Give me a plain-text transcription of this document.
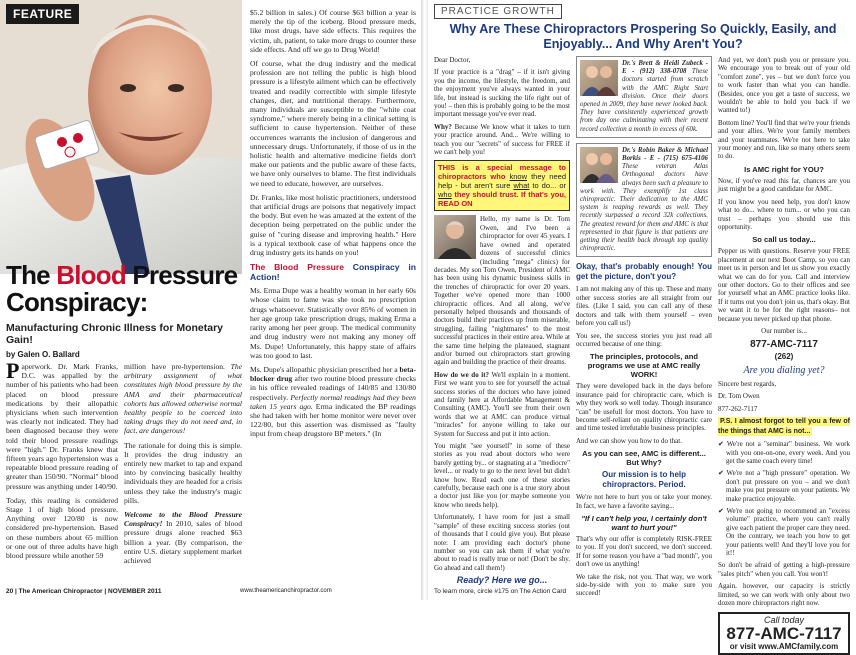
FEATURE
The Blood Pressure Conspiracy:
Manufacturing Chronic Illness for Monetary Gain!
by Galen O. Ballard

Paperwork. Dr. Mark Franks, D.C. was appalled by the number of his patients who had been placed on blood pressure medications by their allopathic physicians when such intervention was clearly not indicated. They had been diagnosed because they were told their blood pressure readings were "high." Dr. Franks knew that fifteen years ago hypertension was a repeatable blood pressure reading of greater than 150/90. "Normal" blood pressure was anything under 140/90.

Today, this reading is considered Stage 1 of high blood pressure. Anything over 120/80 is now considered pre-hypertension. Based on these numbers about 65 million or one out of three adults have high blood pressure while another 59

million have pre-hypertension. The arbitrary assignment of what constitutes high blood pressure by the AMA and their pharmaceutical cohorts has allowed otherwise normal healthy people to be coerced into taking drugs they do not need and, in fact, are dangerous!

The rationale for doing this is simple. It provides the drug industry an entirely new market to tap and expand into by convincing basically healthy individuals they are headed for a crisis unless they take the industry's magic pills.

Welcome to the Blood Pressure Conspiracy! In 2010, sales of blood pressure drugs alone reached $63 billion a year. (By comparison, the entire U.S. dietary supplement market achieved

$5.2 billion in sales.) Of course $63 billion a year is merely the tip of the iceberg. Blood pressure meds, like most drugs, have side effects. This requires the victim, uh, patient, to take more drugs to counter these side effects. And off we go to Drug World!

Of course, what the drug industry and the medical profession are not telling the public is high blood pressure is a lifestyle ailment which can be effectively treated and readily correctible with simple lifestyle changes, diet, and nutritional therapy. Furthermore, many individuals are susceptible to the "white coat syndrome," where merely being in a clinical setting is sufficient to cause hypertension. Neither of these occurrences warrants the inclusion of dangerous and unnecessary drugs. Unfortunately, if those of us in the holistic health and alternative medicine fields don't make our patients and the public aware of these facts, we have only ourselves to blame. The first individuals we need to educate, however, are ourselves.

Dr. Franks, like most holistic practitioners, understood that artificial drugs are poisons that negatively impact the body. But even he was amazed at the extent of the deception being perpetrated on the public under the guise of "curing disease and improving health." Here is a typical textbook case of what happens once the drug industry gets its hands on you!

The Blood Pressure Conspiracy in Action!

Ms. Erma Dupe was a healthy woman in her early 60s whose claim to fame was she took no prescription drugs whatsoever. Statistically over 85% of women in her age group take prescription drugs, making Erma a rarity among her peer group. The medical community and drug industry were not making any money off Ms. Dupe! Unfortunately, this happy state of affairs was too good to last.

Ms. Dupe's allopathic physician prescribed her a beta-blocker drug after two routine blood pressure checks in his office revealed readings of 140/85 and 130/80 respectively. Perfectly normal readings had they been taken 15 years ago. Erma indicated the BP readings she had taken with her home monitor were never over 122/80, but this assertion was dismissed as "faulty input from cheap drugstore BP meters." (In

20 | The American Chiropractor | NOVEMBER 2011	www.theamericanchiropractor.com
PRACTICE GROWTH
Why Are These Chiropractors Prospering So Quickly, Easily, and Enjoyably... And Why Aren't You?

Dear Doctor,

If your practice is a "drag" – if it isn't giving you the income, the lifestyle, the freedom, and the enjoyment you've always wanted in your life, but instead is sucking the life right out of you! – then this is probably going to be the most important message you've ever read.

Why? Because We know what it takes to turn your practice around. And... We're willing to teach you our "secrets" of success for FREE if we can't help you!

THIS is a special message to chiropractors who know they need help - but aren't sure what to do... or who they should trust. If that's you, READ ON

Hello, my name is Dr. Tom Owen, and I've been a chiropractor for over 45 years. I have owned and operated dozens of successful clinics (including "mega" clinics) for decades. My son Tom Owen, President of AMC has been using his dynamic business skills in the trenches of chiropractic for over 20 years. Together we've opened more than 1000 chiropractic offices. And all along, we've personally helped thousands and thousands of doctors build their practices up from miserable, struggling, failing "nightmares" to the most successful practices in their entire area. While at the same time helping the plateaued, stagnant and/or burned out chiropractors start growing again and building the practice of their dreams.

How do we do it? We'll explain in a moment. First we want you to see for yourself the actual success stories of the doctors who have joined and family here at Affordable Management & Consulting (AMC). You'll see from their own words that we at AMC can produce virtual "miracles" for anyone willing to take our System for Success and put it into action.

You might "see yourself" in some of these stories as you read about doctors who were barely getting by... or stagnating at a "mediocre" level... or ready to go to the next level but didn't know how. Read each one of these stories carefully, because each one is a true story about a doctor just like you (or maybe someone you know who needs help).

Unfortunately, I have room for just a small "sample" of these exciting success stories (out of thousands that I could give you). But please note: I am providing each doctor's phone number so you can ask them if what you're about to read is really true or not! (Don't be shy. Go ahead and call them!)

Ready? Here we go...
Dr.'s Brett & Heidi Zubeck - E - (912) 338-0708 These doctors started from scratch with the AMC Right Start division. Once their doors opened in 2009, they have never looked back. They have consistently experienced growth from day one culminating with their recent record collection a month in excess of 60k.
Dr.'s Robin Baker & Michael Borkis - E - (715) 675-4106 These veteran Atlas Orthogonal doctors have always been such a pleasure to work with. They exemplify 1st class chiropractic. Their dedication to the AMC system is reaping rewards as well. They recently surpassed a record 32k collections. The greatest reward for them and AMC is that represented in that figure is that patients are getting their health back through top quality chiropractic.
Okay, that's probably enough! You get the picture, don't you?

I am not making any of this up. These and many other success stories are all straight from our files. (Like I said, you can call any of these doctors and talk with them yourself – even before you call us!)

You see, the success stories you just read all occurred because of one thing:

The principles, protocols, and programs we use at AMC really WORK!

They were developed back in the days before insurance paid for chiropractic care, which is why they work so well today. Though insurance "can" be usefull for most doctors. You have to become self-reliant on quality chiropractic care and time tested irrefutable business principles.

And we can show you how to do that.

As you can see, AMC is different... But Why?
Our mission is to help chiropractors. Period.

We're not here to hurt you or take your money. In fact, we have a favorite saying...

"If I can't help you, I certainly don't want to hurt you!"

That's why our offer is completely RISK-FREE to you. If you don't succeed, we don't succeed. If for some reason you have a "bad month", you don't owe us anything!

We take the risk, not you. That way, we work side-by-side with you to make sure you succeed!

And yet, we don't push you or pressure you. We encourage you to break out of your old "comfort zone", yes – but we don't force you to work faster than what you can handle. (Besides, once you get a taste of success, we wouldn't be able to hold you back if we wanted to!)

Bottom line? You'll find that we're your friends and your allies. We're your family members and your teammates. We're not here to take your money and run, like so many others seem to do.

Is AMC right for YOU?

Now, if you've read this far, chances are you just might be a good candidate for AMC.

If you know you need help, you don't know what to do... where to turn... or who you can trust – perhaps you should use this opportunity.

So call us today...

Pepper us with questions. Reserve your FREE placement at our next Boot Camp, so you can meet us in person and let us show you exactly what we can do for you. Call and interview our other doctors. Go to their offices and see for yourself what an AMC practice looks like. If it turns out you don't join us, that's okay. But we want it to be for the right reasons– not because you never picked up that phone.

Our number is...

877-AMC-7117
(262)
Are you dialing yet?

Sincere best regards,

Dr. Tom Owen

877-262-7117

P.S. I almost forgot to tell you a few of the things that AMC is not...

✔ We're not a "seminar" business. We work with you one-on-one, every week. And you get the same coach every time!

✔ We're not a "high pressure" operation. We don't put pressure on you – and we don't make you put pressure on your patients. We make practice enjoyable.

✔ We're not going to recommend an "excess volume" practice, where you can't really give each patient the proper care they need. On the contrary, we teach you how to get your patients well! And they'll love you for it!!

So don't be afraid of getting a high-pressure "sales pitch" when you call. You won't!

Again, however, our capacity is strictly limited, so we can work with only about two dozen more chiropractors right now.

Call today
877-AMC-7117
or visit www.AMCfamily.com
To learn more, circle #175 on The Action Card
